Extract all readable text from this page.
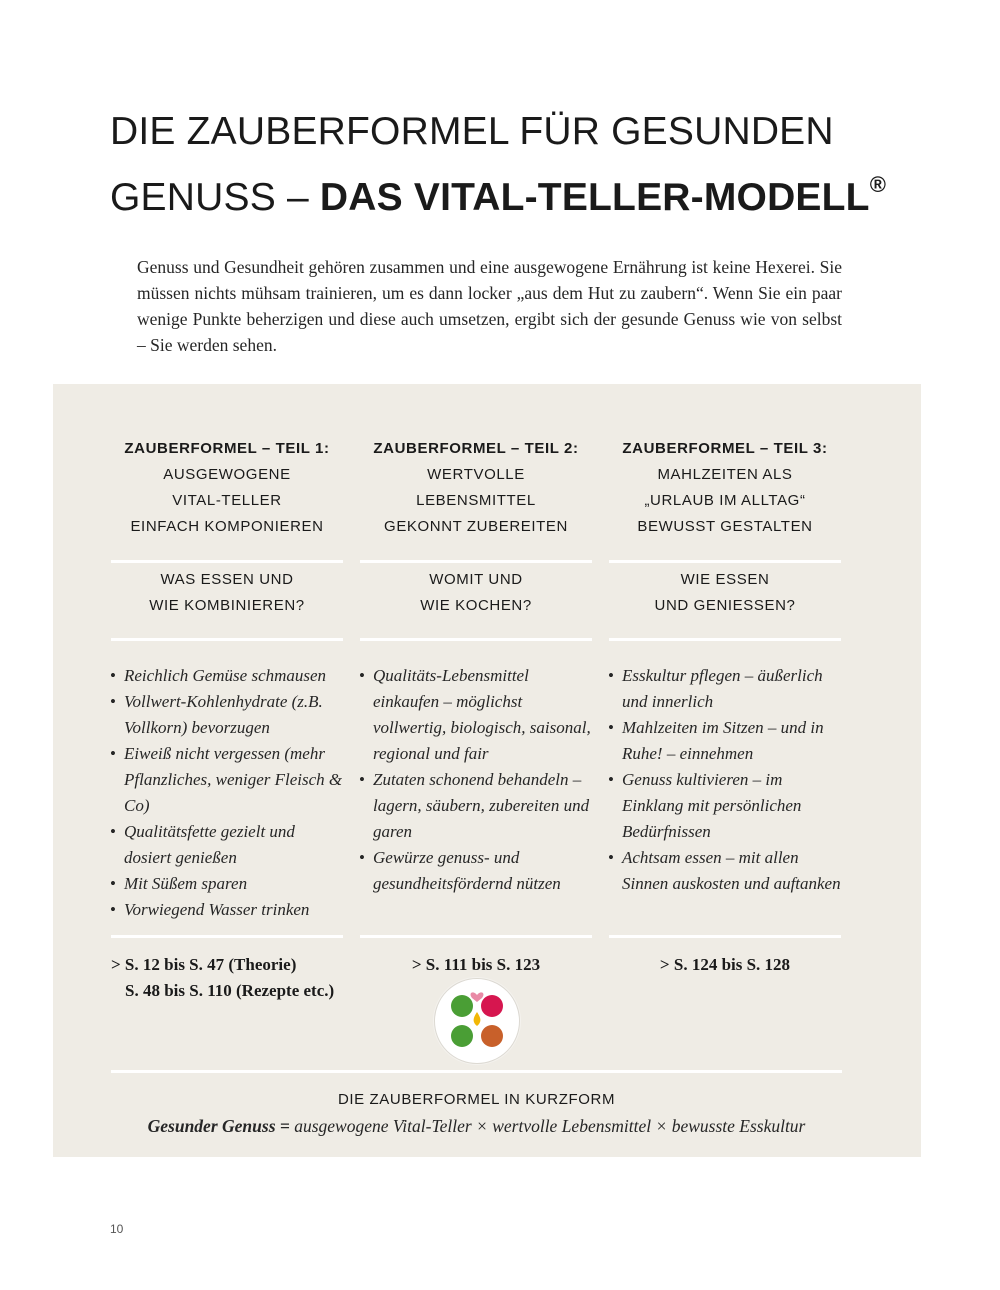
DIE ZAUBERFORMEL FÜR GESUNDEN
GENUSS – DAS VITAL-TELLER-MODELL®

Genuss und Gesundheit gehören zusammen und eine ausgewogene Ernährung ist keine Hexerei. Sie müssen nichts mühsam trainieren, um es dann locker „aus dem Hut zu zaubern“. Wenn Sie ein paar wenige Punkte beherzigen und diese auch umsetzen, ergibt sich der gesunde Genuss wie von selbst – Sie werden sehen.

ZAUBERFORMEL – TEIL 1:
AUSGEWOGENE
VITAL-TELLER
EINFACH KOMPONIEREN
WAS ESSEN UND
WIE KOMBINIEREN?
• Reichlich Gemüse schmausen
• Vollwert-Kohlenhydrate (z.B. Vollkorn) bevorzugen
• Eiweiß nicht vergessen (mehr Pflanzliches, weniger Fleisch & Co)
• Qualitätsfette gezielt und dosiert genießen
• Mit Süßem sparen
• Vorwiegend Wasser trinken
> S. 12 bis S. 47 (Theorie)
S. 48 bis S. 110 (Rezepte etc.)
ZAUBERFORMEL – TEIL 2:
WERTVOLLE
LEBENSMITTEL
GEKONNT ZUBEREITEN
WOMIT UND
WIE KOCHEN?
• Qualitäts-Lebensmittel einkaufen – möglichst vollwertig, biologisch, saisonal, regional und fair
• Zutaten schonend behandeln – lagern, säubern, zubereiten und garen
• Gewürze genuss- und gesundheitsfördernd nützen
> S. 111 bis S. 123
ZAUBERFORMEL – TEIL 3:
MAHLZEITEN ALS
„URLAUB IM ALLTAG“
BEWUSST GESTALTEN
WIE ESSEN
UND GENIESSEN?
• Esskultur pflegen – äußerlich und innerlich
• Mahlzeiten im Sitzen – und in Ruhe! – einnehmen
• Genuss kultivieren – im Einklang mit persönlichen Bedürfnissen
• Achtsam essen – mit allen Sinnen auskosten und auftanken
> S. 124 bis S. 128
DIE ZAUBERFORMEL IN KURZFORM
Gesunder Genuss = ausgewogene Vital-Teller × wertvolle Lebensmittel × bewusste Esskultur
10
